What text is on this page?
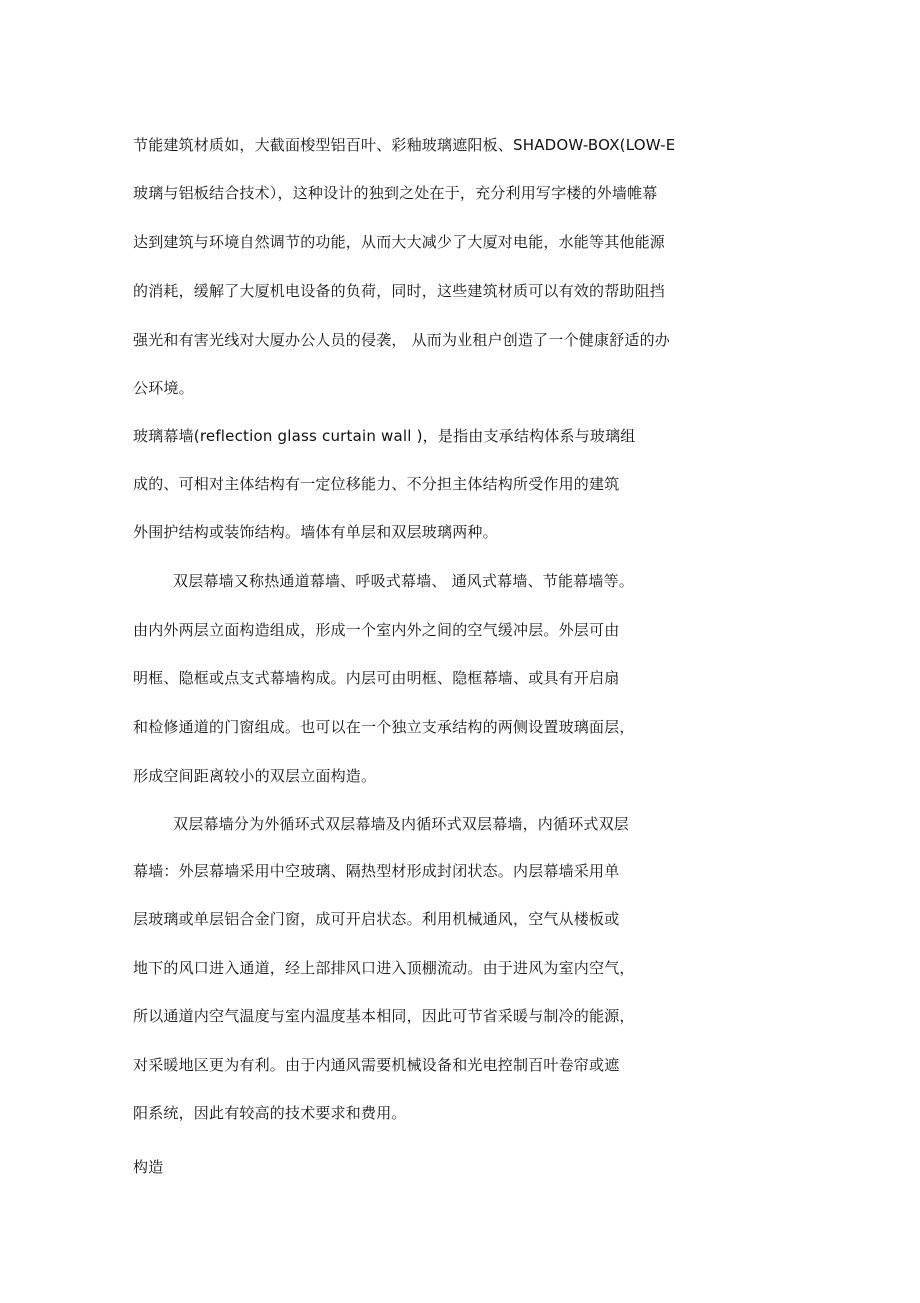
节能建筑材质如，大截面梭型铝百叶、彩釉玻璃遮阳板、SHADOW-BOX(LOW-E
玻璃与铝板结合技术），这种设计的独到之处在于，充分利用写字楼的外墙帷幕
达到建筑与环境自然调节的功能，从而大大减少了大厦对电能，水能等其他能源
的消耗，缓解了大厦机电设备的负荷，同时，这些建筑材质可以有效的帮助阻挡
强光和有害光线对大厦办公人员的侵袭， 从而为业租户创造了一个健康舒适的办
公环境。
玻璃幕墙(reflection glass curtain wall )，是指由支承结构体系与玻璃组
成的、可相对主体结构有一定位移能力、不分担主体结构所受作用的建筑
外围护结构或装饰结构。墙体有单层和双层玻璃两种。
双层幕墙又称热通道幕墙、呼吸式幕墙、 通风式幕墙、节能幕墙等。
由内外两层立面构造组成，形成一个室内外之间的空气缓冲层。外层可由
明框、隐框或点支式幕墙构成。内层可由明框、隐框幕墙、或具有开启扇
和检修通道的门窗组成。也可以在一个独立支承结构的两侧设置玻璃面层，
形成空间距离较小的双层立面构造。
双层幕墙分为外循环式双层幕墙及内循环式双层幕墙，内循环式双层
幕墙：外层幕墙采用中空玻璃、隔热型材形成封闭状态。内层幕墙采用单
层玻璃或单层铝合金门窗，成可开启状态。利用机械通风，空气从楼板或
地下的风口进入通道，经上部排风口进入顶棚流动。由于进风为室内空气，
所以通道内空气温度与室内温度基本相同，因此可节省采暖与制冷的能源，
对采暖地区更为有利。由于内通风需要机械设备和光电控制百叶卷帘或遮
阳系统，因此有较高的技术要求和费用。
构造
